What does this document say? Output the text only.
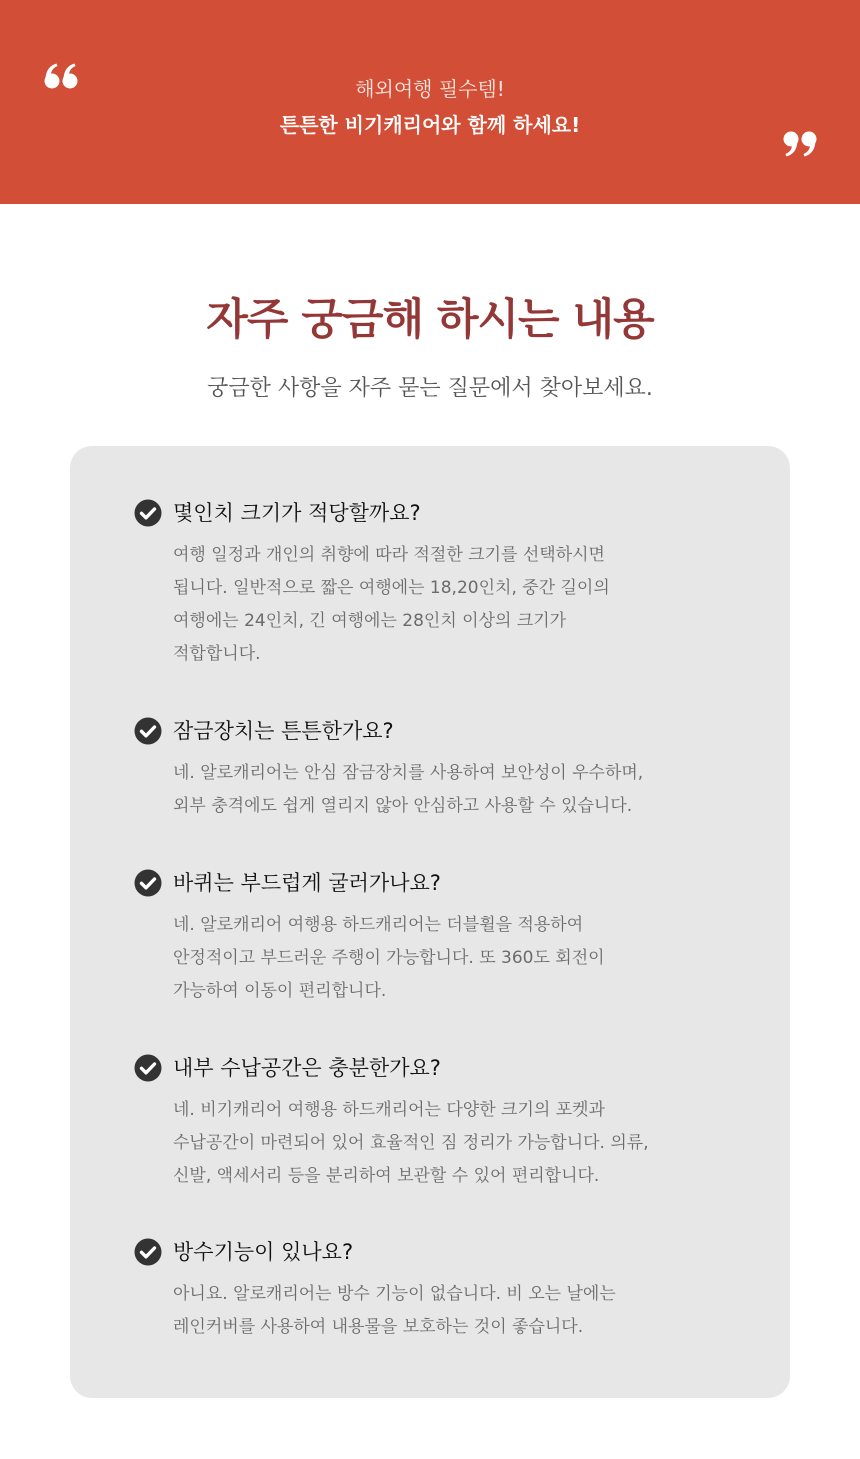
해외여행 필수템!
튼튼한 비기캐리어와 함께 하세요!
자주 궁금해 하시는 내용
궁금한 사항을 자주 묻는 질문에서 찾아보세요.
몇인치 크기가 적당할까요?
여행 일정과 개인의 취향에 따라 적절한 크기를 선택하시면
됩니다. 일반적으로 짧은 여행에는 18,20인치, 중간 길이의
여행에는 24인치, 긴 여행에는 28인치 이상의 크기가
적합합니다.
잠금장치는 튼튼한가요?
네. 알로캐리어는 안심 잠금장치를 사용하여 보안성이 우수하며,
외부 충격에도 쉽게 열리지 않아 안심하고 사용할 수 있습니다.
바퀴는 부드럽게 굴러가나요?
네. 알로캐리어 여행용 하드캐리어는 더블휠을 적용하여
안정적이고 부드러운 주행이 가능합니다. 또 360도 회전이
가능하여 이동이 편리합니다.
내부 수납공간은 충분한가요?
네. 비기캐리어 여행용 하드캐리어는 다양한 크기의 포켓과
수납공간이 마련되어 있어 효율적인 짐 정리가 가능합니다. 의류,
신발, 액세서리 등을 분리하여 보관할 수 있어 편리합니다.
방수기능이 있나요?
아니요. 알로캐리어는 방수 기능이 없습니다. 비 오는 날에는
레인커버를 사용하여 내용물을 보호하는 것이 좋습니다.
